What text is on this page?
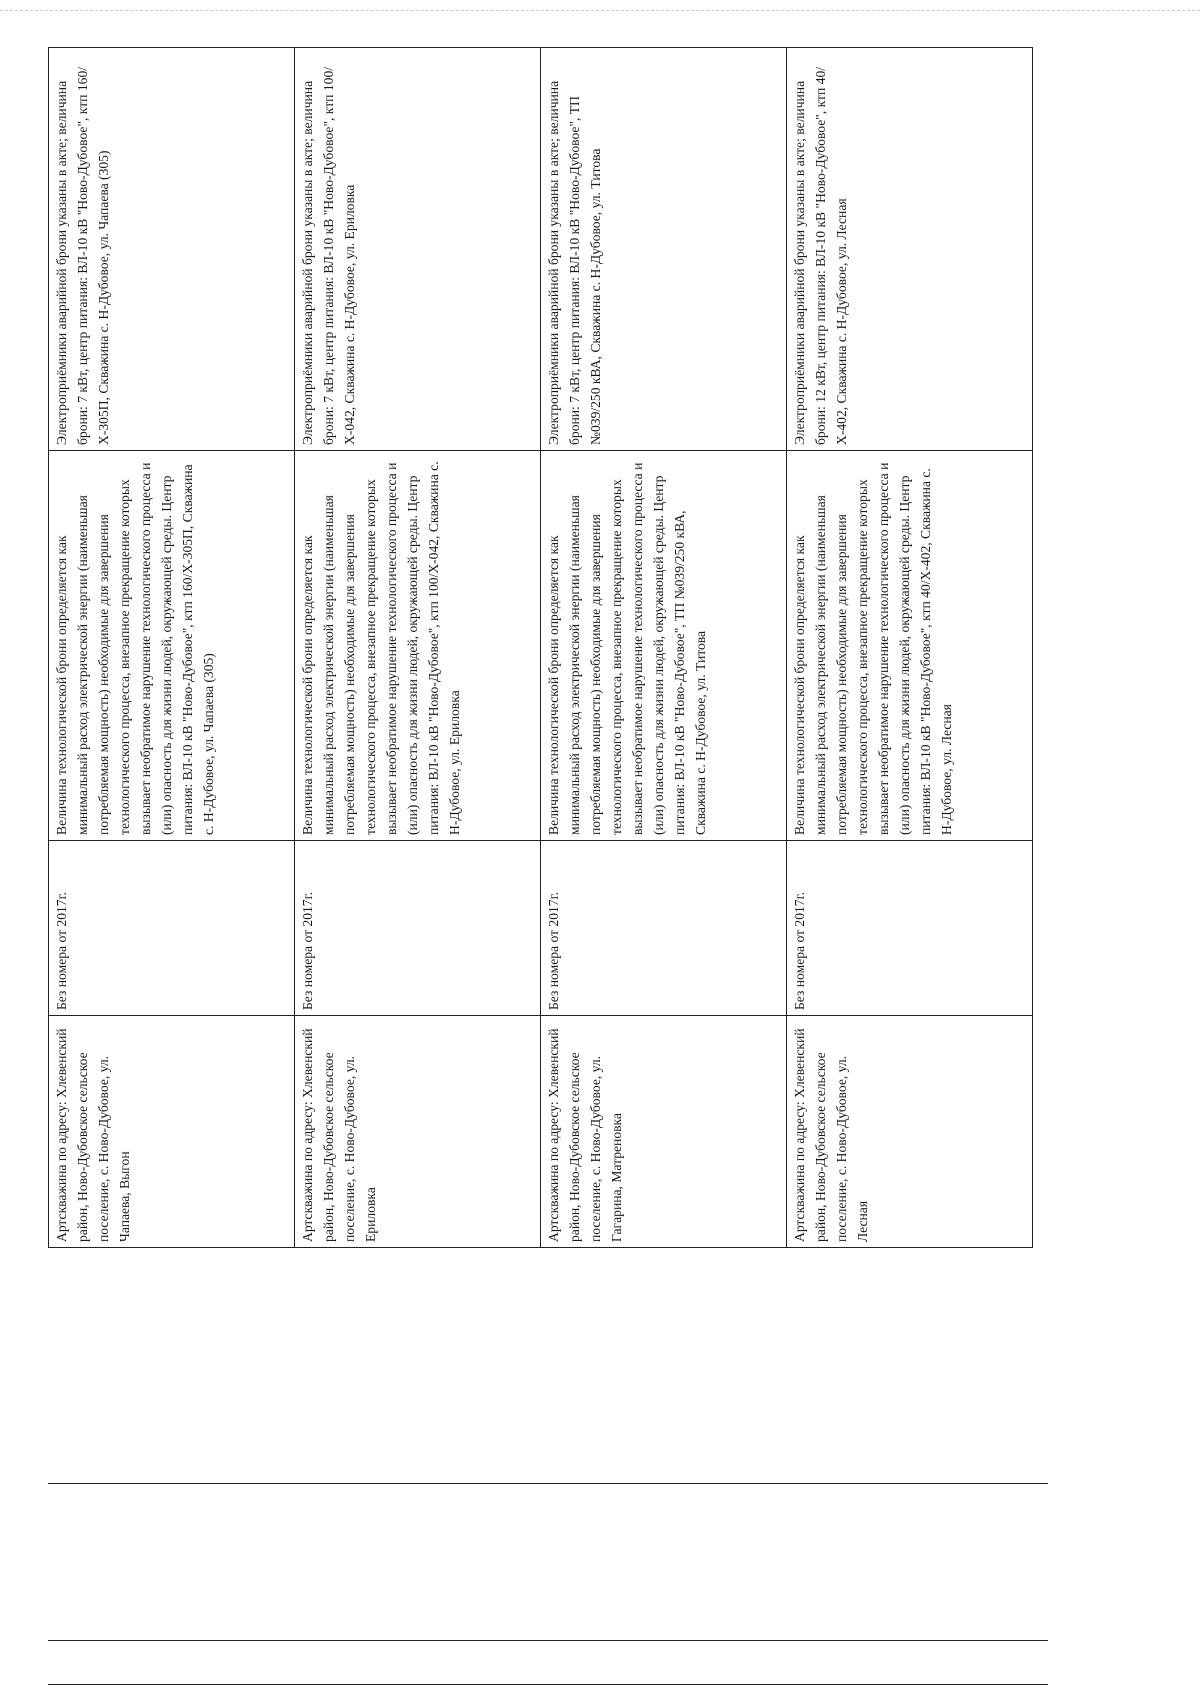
Артскважина по адресу: Хлевенский район, Ново-Дубовское сельское поселение, с. Ново-Дубовое, ул. Чапаева, Выгон	Без номера от 2017г.	Величина технологической брони определяется как минимальный расход электрической энергии (наименьшая потребляемая мощность) необходимые для завершения технологического процесса, внезапное прекращение которых вызывает необратимое нарушение технологического процесса и (или) опасность для жизни людей, окружающей среды. Центр питания: ВЛ-10 кВ "Ново-Дубовое", ктп 160/Х-305П, Скважина с. Н-Дубовое, ул. Чапаева (305)	Электроприёмники аварийной брони указаны в акте; величина брони: 7 кВт, центр питания: ВЛ-10 кВ "Ново-Дубовое", ктп 160/Х-305П, Скважина с. Н-Дубовое, ул. Чапаева (305)
Артскважина по адресу: Хлевенский район, Ново-Дубовское сельское поселение, с. Ново-Дубовое, ул. Ериловка	Без номера от 2017г.	Величина технологической брони определяется как минимальный расход электрической энергии (наименьшая потребляемая мощность) необходимые для завершения технологического процесса, внезапное прекращение которых вызывает необратимое нарушение технологического процесса и (или) опасность для жизни людей, окружающей среды. Центр питания: ВЛ-10 кВ "Ново-Дубовое", ктп 100/Х-042, Скважина с. Н-Дубовое, ул. Ериловка	Электроприёмники аварийной брони указаны в акте; величина брони: 7 кВт, центр питания: ВЛ-10 кВ "Ново-Дубовое", ктп 100/Х-042, Скважина с. Н-Дубовое, ул. Ериловка
Артскважина по адресу: Хлевенский район, Ново-Дубовское сельское поселение, с. Ново-Дубовое, ул. Гагарина, Матреновка	Без номера от 2017г.	Величина технологической брони определяется как минимальный расход электрической энергии (наименьшая потребляемая мощность) необходимые для завершения технологического процесса, внезапное прекращение которых вызывает необратимое нарушение технологического процесса и (или) опасность для жизни людей, окружающей среды. Центр питания: ВЛ-10 кВ "Ново-Дубовое", ТП №039/250 кВА, Скважина с. Н-Дубовое, ул. Титова	Электроприёмники аварийной брони указаны в акте; величина брони: 7 кВт, центр питания: ВЛ-10 кВ "Ново-Дубовое", ТП №039/250 кВА, Скважина с. Н-Дубовое, ул. Титова
Артскважина по адресу: Хлевенский район, Ново-Дубовское сельское поселение, с. Ново-Дубовое, ул. Лесная	Без номера от 2017г.	Величина технологической брони определяется как минимальный расход электрической энергии (наименьшая потребляемая мощность) необходимые для завершения технологического процесса, внезапное прекращение которых вызывает необратимое нарушение технологического процесса и (или) опасность для жизни людей, окружающей среды. Центр питания: ВЛ-10 кВ "Ново-Дубовое", ктп 40/Х-402, Скважина с. Н-Дубовое, ул. Лесная	Электроприёмники аварийной брони указаны в акте; величина брони: 12 кВт, центр питания: ВЛ-10 кВ "Ново-Дубовое", ктп 40/Х-402, Скважина с. Н-Дубовое, ул. Лесная
